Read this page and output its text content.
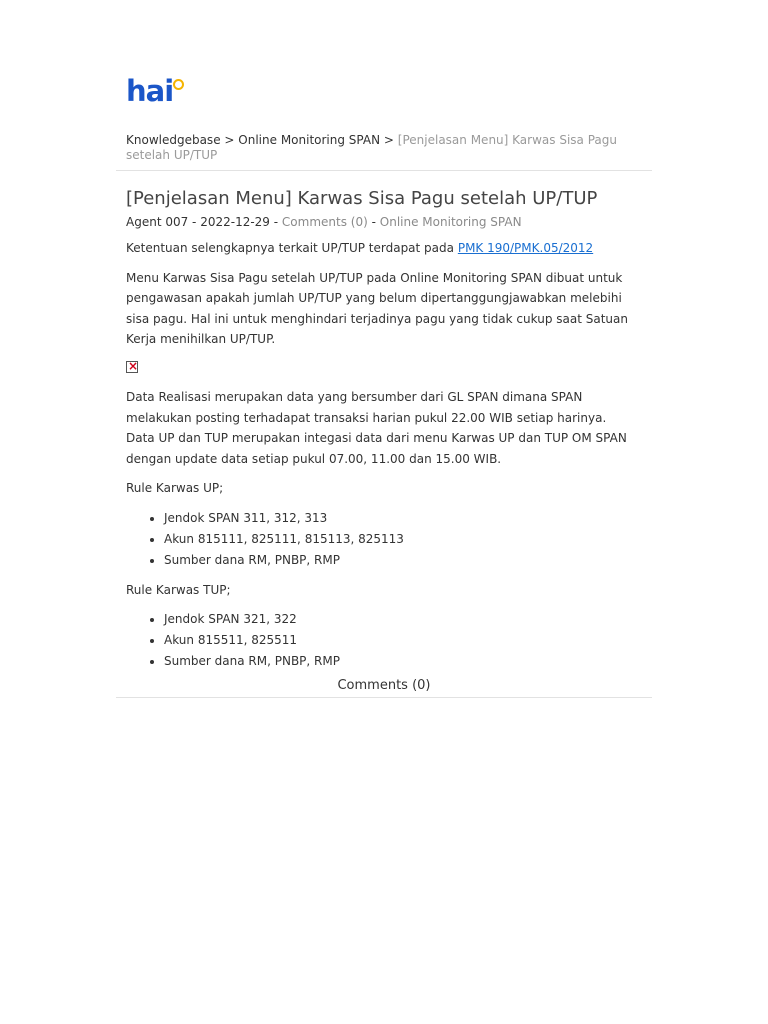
hai
Knowledgebase > Online Monitoring SPAN > [Penjelasan Menu] Karwas Sisa Pagu setelah UP/TUP
[Penjelasan Menu] Karwas Sisa Pagu setelah UP/TUP
Agent 007 - 2022-12-29 - Comments (0) - Online Monitoring SPAN

Ketentuan selengkapnya terkait UP/TUP terdapat pada PMK 190/PMK.05/2012

Menu Karwas Sisa Pagu setelah UP/TUP pada Online Monitoring SPAN dibuat untuk pengawasan apakah jumlah UP/TUP yang belum dipertanggungjawabkan melebihi sisa pagu. Hal ini untuk menghindari terjadinya pagu yang tidak cukup saat Satuan Kerja menihilkan UP/TUP.

×

Data Realisasi merupakan data yang bersumber dari GL SPAN dimana SPAN melakukan posting terhadapat transaksi harian pukul 22.00 WIB setiap harinya. Data UP dan TUP merupakan integasi data dari menu Karwas UP dan TUP OM SPAN dengan update data setiap pukul 07.00, 11.00 dan 15.00 WIB.

Rule Karwas UP;

• Jendok SPAN 311, 312, 313
• Akun 815111, 825111, 815113, 825113
• Sumber dana RM, PNBP, RMP

Rule Karwas TUP;

• Jendok SPAN 321, 322
• Akun 815511, 825511
• Sumber dana RM, PNBP, RMP
Comments (0)
